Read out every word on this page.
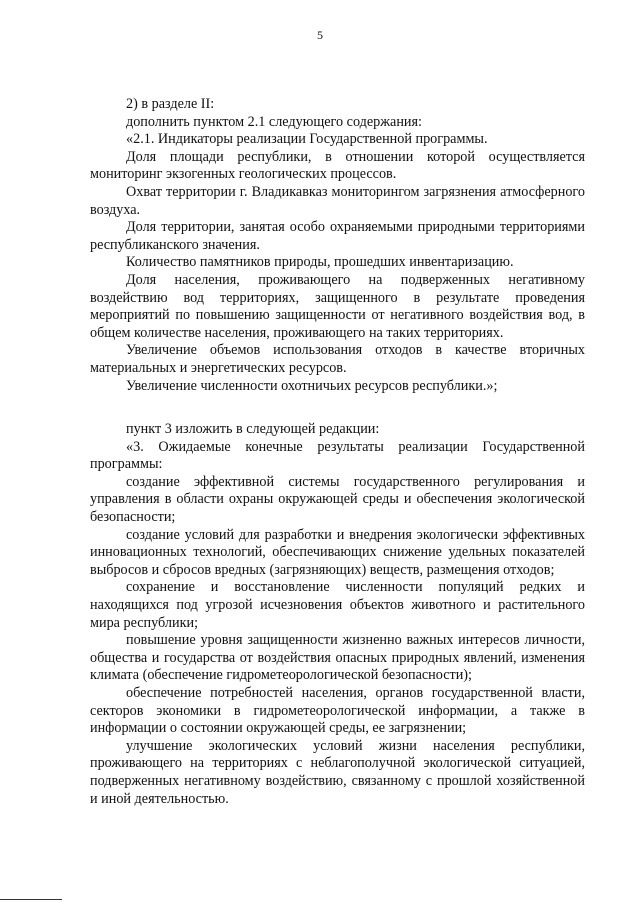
5

2) в разделе II:

дополнить пунктом 2.1 следующего содержания:

«2.1. Индикаторы реализации Государственной программы.

Доля площади республики, в отношении которой осуществляется мониторинг экзогенных геологических процессов.

Охват территории г. Владикавказ мониторингом загрязнения атмосферного воздуха.

Доля территории, занятая особо охраняемыми природными территориями республиканского значения.

Количество памятников природы, прошедших инвентаризацию.

Доля населения, проживающего на подверженных негативному воздействию вод территориях, защищенного в результате проведения мероприятий по повышению защищенности от негативного воздействия вод, в общем количестве населения, проживающего на таких территориях.

Увеличение объемов использования отходов в качестве вторичных материальных и энергетических ресурсов.

Увеличение численности охотничьих ресурсов республики.»;

пункт 3 изложить в следующей редакции:

«3. Ожидаемые конечные результаты реализации Государственной программы:

создание эффективной системы государственного регулирования и управления в области охраны окружающей среды и обеспечения экологической безопасности;

создание условий для разработки и внедрения экологически эффективных инновационных технологий, обеспечивающих снижение удельных показателей выбросов и сбросов вредных (загрязняющих) веществ, размещения отходов;

сохранение и восстановление численности популяций редких и находящихся под угрозой исчезновения объектов животного и растительного мира республики;

повышение уровня защищенности жизненно важных интересов личности, общества и государства от воздействия опасных природных явлений, изменения климата (обеспечение гидрометеорологической безопасности);

обеспечение потребностей населения, органов государственной власти, секторов экономики в гидрометеорологической информации, а также в информации о состоянии окружающей среды, ее загрязнении;

улучшение экологических условий жизни населения республики, проживающего на территориях с неблагополучной экологической ситуацией, подверженных негативному воздействию, связанному с прошлой хозяйственной и иной деятельностью.
